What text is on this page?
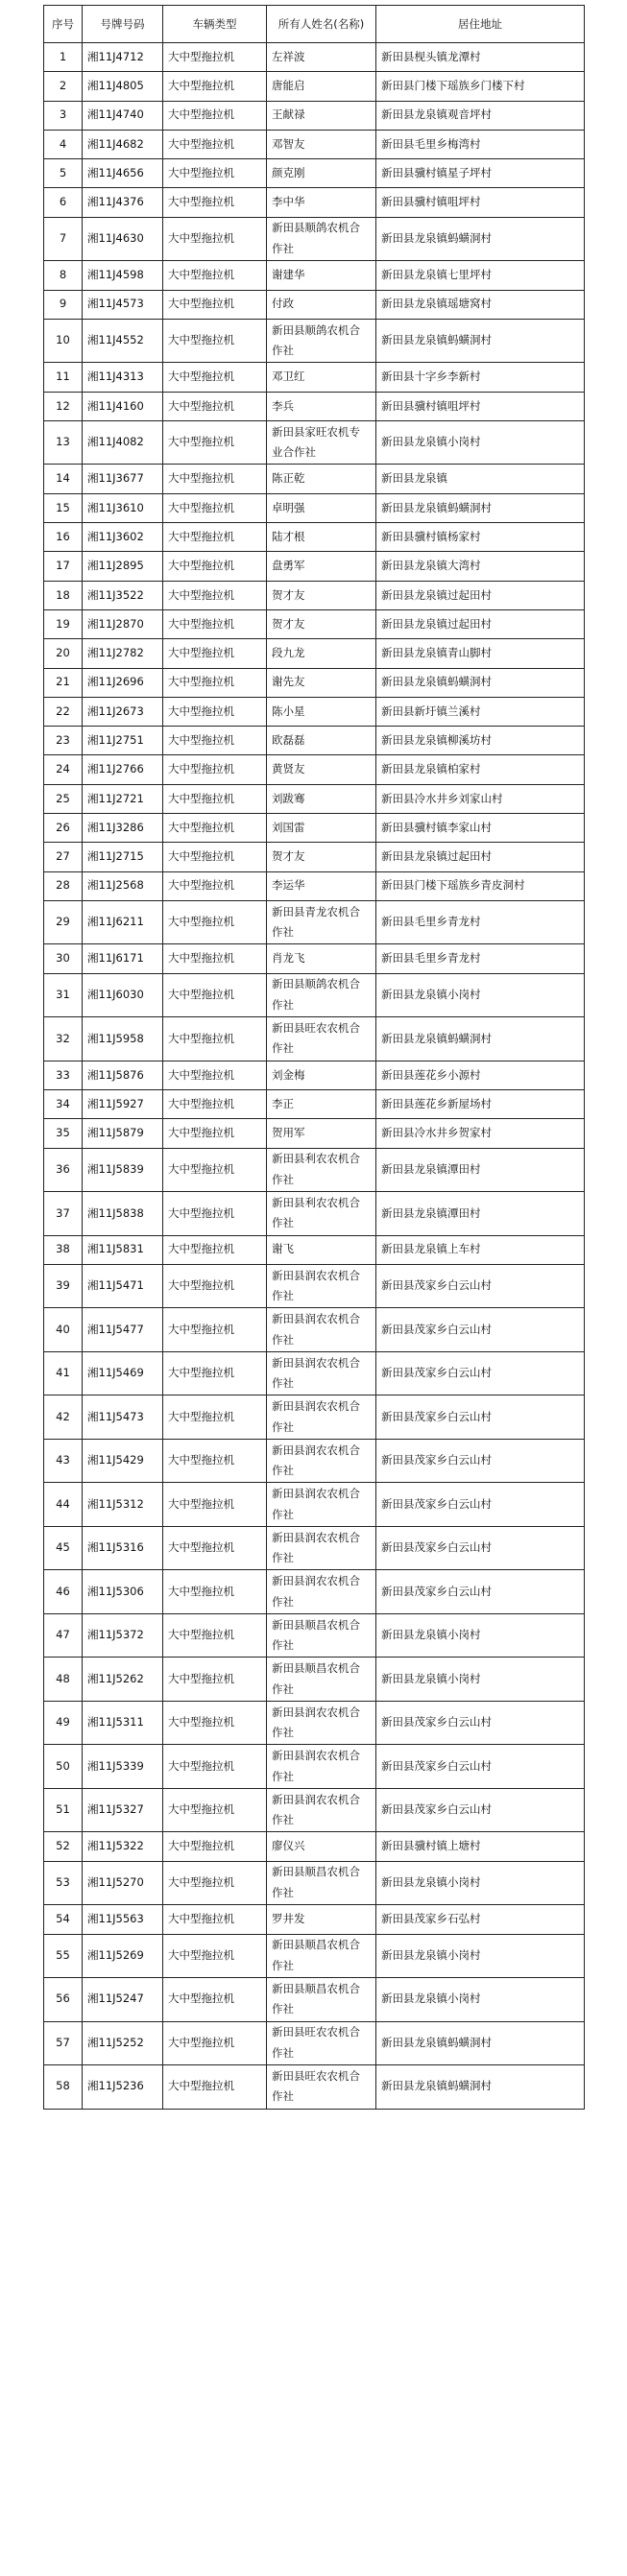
序号	号牌号码	车辆类型	所有人姓名(名称)	居住地址
1	湘11J4712	大中型拖拉机	左祥波	新田县枧头镇龙潭村
2	湘11J4805	大中型拖拉机	唐能启	新田县门楼下瑶族乡门楼下村
3	湘11J4740	大中型拖拉机	王献禄	新田县龙泉镇观音坪村
4	湘11J4682	大中型拖拉机	邓智友	新田县毛里乡梅湾村
5	湘11J4656	大中型拖拉机	颜克刚	新田县骥村镇星子坪村
6	湘11J4376	大中型拖拉机	李中华	新田县骥村镇咀坪村
7	湘11J4630	大中型拖拉机	新田县顺鸽农机合作社	新田县龙泉镇蚂蟥洞村
8	湘11J4598	大中型拖拉机	谢建华	新田县龙泉镇七里坪村
9	湘11J4573	大中型拖拉机	付政	新田县龙泉镇瑶塘窝村
10	湘11J4552	大中型拖拉机	新田县顺鸽农机合作社	新田县龙泉镇蚂蟥洞村
11	湘11J4313	大中型拖拉机	邓卫红	新田县十字乡李新村
12	湘11J4160	大中型拖拉机	李兵	新田县骥村镇咀坪村
13	湘11J4082	大中型拖拉机	新田县家旺农机专业合作社	新田县龙泉镇小岗村
14	湘11J3677	大中型拖拉机	陈正乾	新田县龙泉镇
15	湘11J3610	大中型拖拉机	卓明强	新田县龙泉镇蚂蟥洞村
16	湘11J3602	大中型拖拉机	陆才根	新田县骥村镇杨家村
17	湘11J2895	大中型拖拉机	盘勇军	新田县龙泉镇大湾村
18	湘11J3522	大中型拖拉机	贺才友	新田县龙泉镇过起田村
19	湘11J2870	大中型拖拉机	贺才友	新田县龙泉镇过起田村
20	湘11J2782	大中型拖拉机	段九龙	新田县龙泉镇青山脚村
21	湘11J2696	大中型拖拉机	谢先友	新田县龙泉镇蚂蟥洞村
22	湘11J2673	大中型拖拉机	陈小星	新田县新圩镇兰溪村
23	湘11J2751	大中型拖拉机	欧磊磊	新田县龙泉镇柳溪坊村
24	湘11J2766	大中型拖拉机	黄贤友	新田县龙泉镇柏家村
25	湘11J2721	大中型拖拉机	刘跋骞	新田县冷水井乡刘家山村
26	湘11J3286	大中型拖拉机	刘国雷	新田县骥村镇李家山村
27	湘11J2715	大中型拖拉机	贺才友	新田县龙泉镇过起田村
28	湘11J2568	大中型拖拉机	李运华	新田县门楼下瑶族乡青皮洞村
29	湘11J6211	大中型拖拉机	新田县青龙农机合作社	新田县毛里乡青龙村
30	湘11J6171	大中型拖拉机	肖龙飞	新田县毛里乡青龙村
31	湘11J6030	大中型拖拉机	新田县顺鸽农机合作社	新田县龙泉镇小岗村
32	湘11J5958	大中型拖拉机	新田县旺农农机合作社	新田县龙泉镇蚂蟥洞村
33	湘11J5876	大中型拖拉机	刘金梅	新田县莲花乡小源村
34	湘11J5927	大中型拖拉机	李正	新田县莲花乡新屋场村
35	湘11J5879	大中型拖拉机	贺用军	新田县冷水井乡贺家村
36	湘11J5839	大中型拖拉机	新田县利农农机合作社	新田县龙泉镇潭田村
37	湘11J5838	大中型拖拉机	新田县利农农机合作社	新田县龙泉镇潭田村
38	湘11J5831	大中型拖拉机	谢飞	新田县龙泉镇上车村
39	湘11J5471	大中型拖拉机	新田县润农农机合作社	新田县茂家乡白云山村
40	湘11J5477	大中型拖拉机	新田县润农农机合作社	新田县茂家乡白云山村
41	湘11J5469	大中型拖拉机	新田县润农农机合作社	新田县茂家乡白云山村
42	湘11J5473	大中型拖拉机	新田县润农农机合作社	新田县茂家乡白云山村
43	湘11J5429	大中型拖拉机	新田县润农农机合作社	新田县茂家乡白云山村
44	湘11J5312	大中型拖拉机	新田县润农农机合作社	新田县茂家乡白云山村
45	湘11J5316	大中型拖拉机	新田县润农农机合作社	新田县茂家乡白云山村
46	湘11J5306	大中型拖拉机	新田县润农农机合作社	新田县茂家乡白云山村
47	湘11J5372	大中型拖拉机	新田县顺昌农机合作社	新田县龙泉镇小岗村
48	湘11J5262	大中型拖拉机	新田县顺昌农机合作社	新田县龙泉镇小岗村
49	湘11J5311	大中型拖拉机	新田县润农农机合作社	新田县茂家乡白云山村
50	湘11J5339	大中型拖拉机	新田县润农农机合作社	新田县茂家乡白云山村
51	湘11J5327	大中型拖拉机	新田县润农农机合作社	新田县茂家乡白云山村
52	湘11J5322	大中型拖拉机	廖仪兴	新田县骥村镇上塘村
53	湘11J5270	大中型拖拉机	新田县顺昌农机合作社	新田县龙泉镇小岗村
54	湘11J5563	大中型拖拉机	罗井发	新田县茂家乡石弘村
55	湘11J5269	大中型拖拉机	新田县顺昌农机合作社	新田县龙泉镇小岗村
56	湘11J5247	大中型拖拉机	新田县顺昌农机合作社	新田县龙泉镇小岗村
57	湘11J5252	大中型拖拉机	新田县旺农农机合作社	新田县龙泉镇蚂蟥洞村
58	湘11J5236	大中型拖拉机	新田县旺农农机合作社	新田县龙泉镇蚂蟥洞村
